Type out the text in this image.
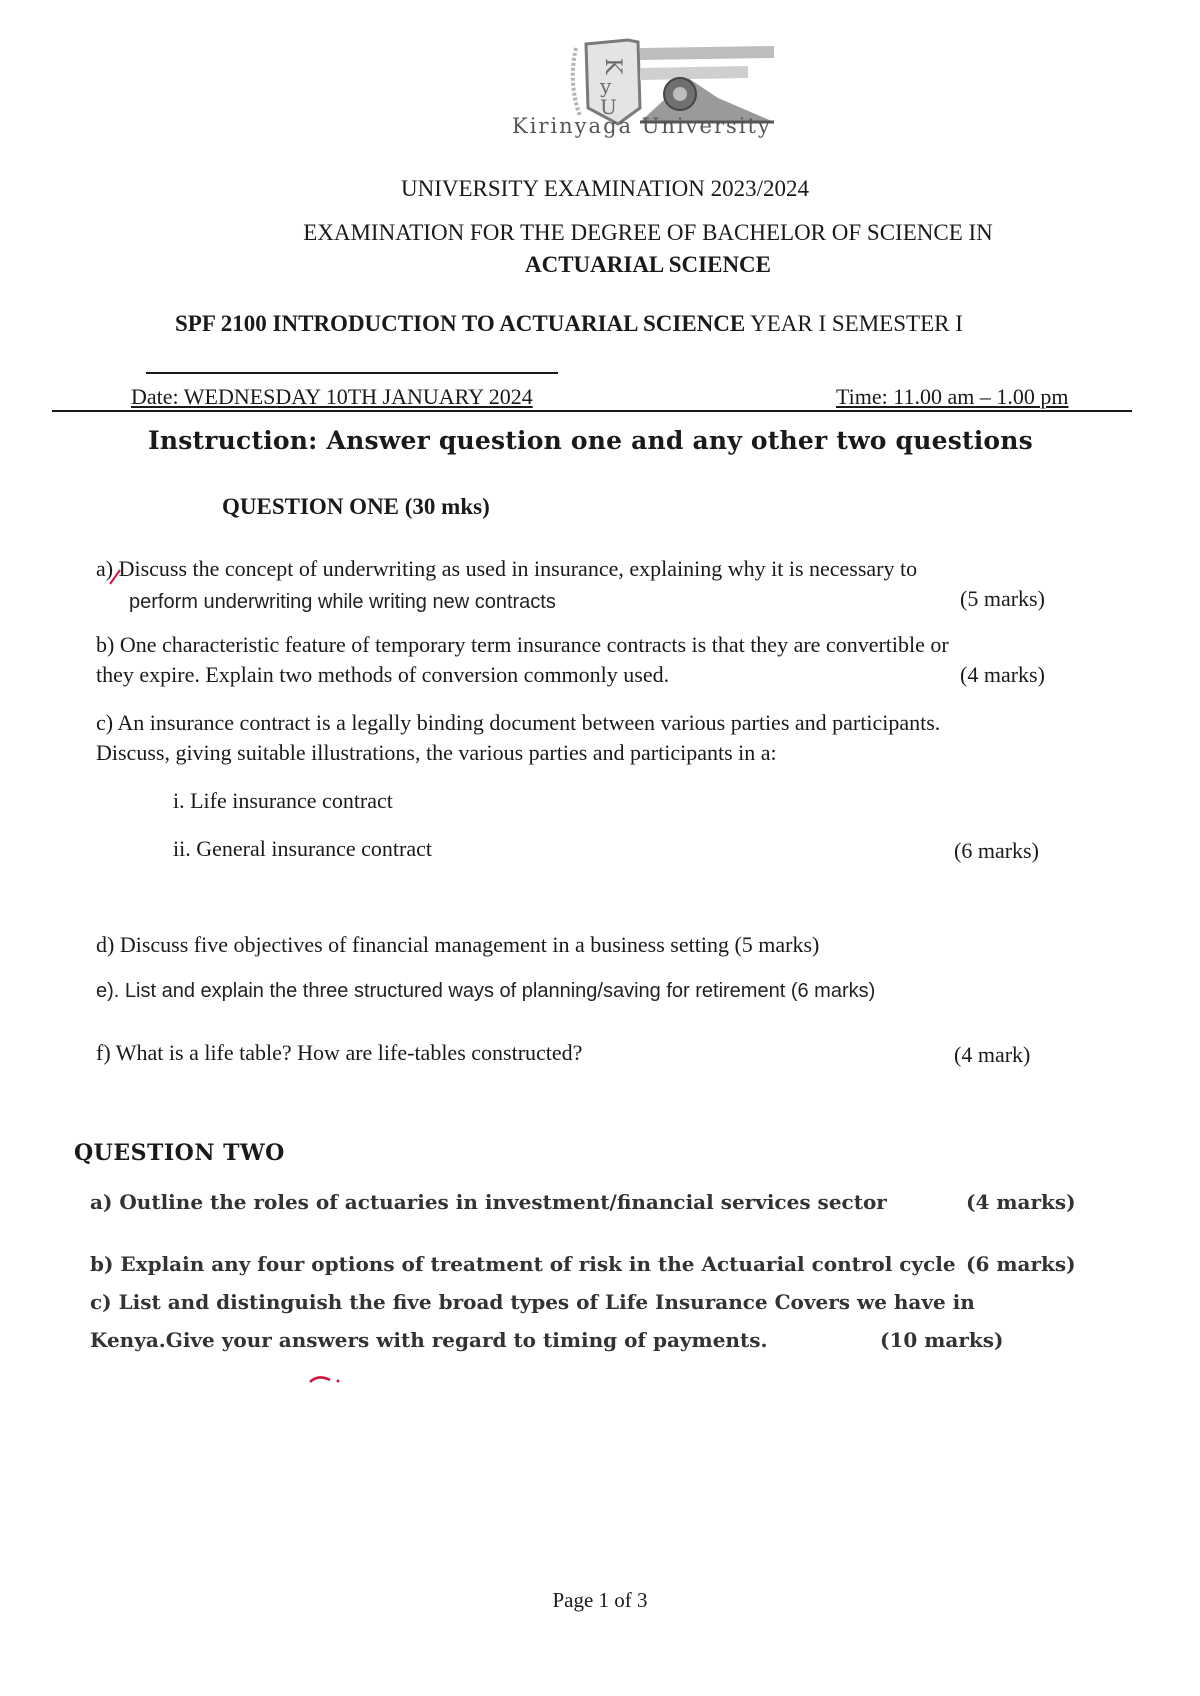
K
y
U
Kirinyaga University
UNIVERSITY EXAMINATION 2023/2024
EXAMINATION FOR THE DEGREE OF BACHELOR OF SCIENCE IN
ACTUARIAL SCIENCE
SPF 2100 INTRODUCTION TO ACTUARIAL SCIENCE YEAR I SEMESTER I
Date: WEDNESDAY 10TH JANUARY 2024	Time: 11.00 am – 1.00 pm
Instruction: Answer question one and any other two questions
QUESTION ONE (30 mks)
a) Discuss the concept of underwriting as used in insurance, explaining why it is necessary to
perform underwriting while writing new contracts	(5 marks)
b) One characteristic feature of temporary term insurance contracts is that they are convertible or
they expire. Explain two methods of conversion commonly used.	(4 marks)
c) An insurance contract is a legally binding document between various parties and participants.
Discuss, giving suitable illustrations, the various parties and participants in a:
i. Life insurance contract
ii. General insurance contract	(6 marks)
d) Discuss five objectives of financial management in a business setting (5 marks)
e). List and explain the three structured ways of planning/saving for retirement (6 marks)
f) What is a life table? How are life-tables constructed?	(4 mark)
QUESTION TWO
a) Outline the roles of actuaries in investment/financial services sector	(4 marks)
b) Explain any four options of treatment of risk in the Actuarial control cycle (6 marks)
c) List and distinguish the five broad types of Life Insurance Covers we have in
Kenya.Give your answers with regard to timing of payments.	(10 marks)
Page 1 of 3
